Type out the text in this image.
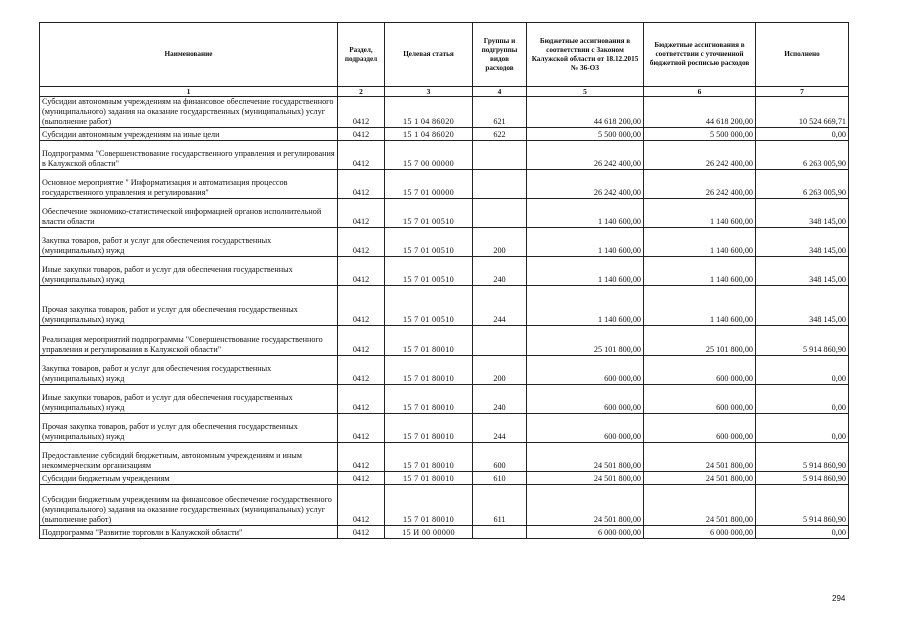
Наименование	Раздел, подраздел	Целевая статья	Группы и подгруппы видов расходов	Бюджетные ассигнования в соответствии с Законом Калужской области от 18.12.2015 № 36-ОЗ	Бюджетные ассигнования в соответствии с уточненной бюджетной росписью расходов	Исполнено
1	2	3	4	5	6	7
Субсидии автономным учреждениям на финансовое обеспечение государственного (муниципального) задания на оказание государственных (муниципальных) услуг (выполнение работ)	0412	15 1 04 86020	621	44 618 200,00	44 618 200,00	10 524 669,71
Субсидии автономным учреждениям на иные цели	0412	15 1 04 86020	622	5 500 000,00	5 500 000,00	0,00
Подпрограмма "Совершенствование государственного управления и регулирования в Калужской области"	0412	15 7 00 00000		26 242 400,00	26 242 400,00	6 263 005,90
Основное мероприятие " Информатизация и автоматизация процессов государственного управления и регулирования"	0412	15 7 01 00000		26 242 400,00	26 242 400,00	6 263 005,90
Обеспечение экономико-статистической информацией органов исполнительной власти области	0412	15 7 01 00510		1 140 600,00	1 140 600,00	348 145,00
Закупка товаров, работ и услуг для обеспечения государственных (муниципальных) нужд	0412	15 7 01 00510	200	1 140 600,00	1 140 600,00	348 145,00
Иные закупки товаров, работ и услуг для обеспечения государственных (муниципальных) нужд	0412	15 7 01 00510	240	1 140 600,00	1 140 600,00	348 145,00
Прочая закупка товаров, работ и услуг для обеспечения государственных (муниципальных) нужд	0412	15 7 01 00510	244	1 140 600,00	1 140 600,00	348 145,00
Реализация мероприятий подпрограммы "Совершенствование государственного управления и регулирования в Калужской области"	0412	15 7 01 80010		25 101 800,00	25 101 800,00	5 914 860,90
Закупка товаров, работ и услуг для обеспечения государственных (муниципальных) нужд	0412	15 7 01 80010	200	600 000,00	600 000,00	0,00
Иные закупки товаров, работ и услуг для обеспечения государственных (муниципальных) нужд	0412	15 7 01 80010	240	600 000,00	600 000,00	0,00
Прочая закупка товаров, работ и услуг для обеспечения государственных (муниципальных) нужд	0412	15 7 01 80010	244	600 000,00	600 000,00	0,00
Предоставление субсидий бюджетным, автономным учреждениям и иным некоммерческим организациям	0412	15 7 01 80010	600	24 501 800,00	24 501 800,00	5 914 860,90
Субсидии бюджетным учреждениям	0412	15 7 01 80010	610	24 501 800,00	24 501 800,00	5 914 860,90
Субсидии бюджетным учреждениям на финансовое обеспечение государственного (муниципального) задания на оказание государственных (муниципальных) услуг (выполнение работ)	0412	15 7 01 80010	611	24 501 800,00	24 501 800,00	5 914 860,90
Подпрограмма "Развитие торговли в Калужской области"	0412	15 И 00 00000		6 000 000,00	6 000 000,00	0,00
294
